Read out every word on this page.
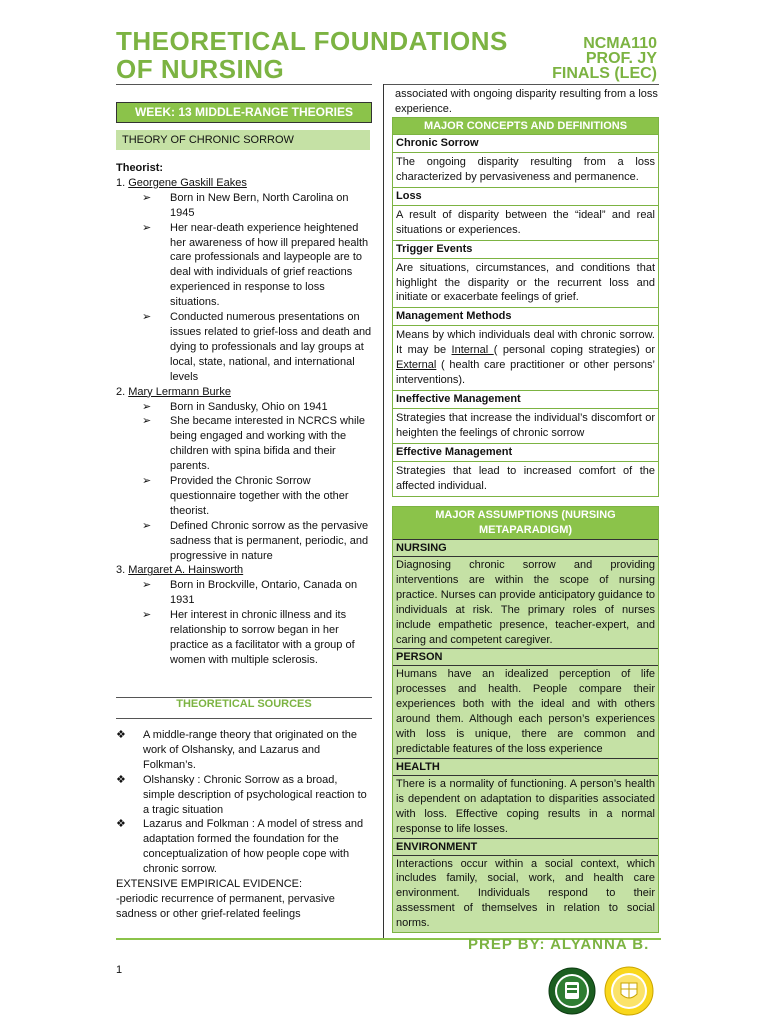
THEORETICAL FOUNDATIONS
OF NURSING
NCMA110
PROF. JY
FINALS (LEC)
WEEK: 13 MIDDLE-RANGE THEORIES
THEORY OF CHRONIC SORROW
Theorist:
1. Georgene Gaskill Eakes
➢ Born in New Bern, North Carolina on 1945
➢ Her near-death experience heightened her awareness of how ill prepared health care professionals and laypeople are to deal with individuals of grief reactions experienced in response to loss situations.
➢ Conducted numerous presentations on issues related to grief-loss and death and dying to professionals and lay groups at local, state, national, and international levels
2. Mary Lermann Burke
➢ Born in Sandusky, Ohio on 1941
➢ She became interested in NCRCS while being engaged and working with the children with spina bifida and their parents.
➢ Provided the Chronic Sorrow questionnaire together with the other theorist.
➢ Defined Chronic sorrow as the pervasive sadness that is permanent, periodic, and progressive in nature
3. Margaret A. Hainsworth
➢ Born in Brockville, Ontario, Canada on 1931
➢ Her interest in chronic illness and its relationship to sorrow began in her practice as a facilitator with a group of women with multiple sclerosis.
THEORETICAL SOURCES
❖ A middle-range theory that originated on the work of Olshansky, and Lazarus and Folkman’s.
❖ Olshansky : Chronic Sorrow as a broad, simple description of psychological reaction to a tragic situation
❖ Lazarus and Folkman : A model of stress and adaptation formed the foundation for the conceptualization of how people cope with chronic sorrow.
EXTENSIVE EMPIRICAL EVIDENCE:
-periodic recurrence of permanent, pervasive sadness or other grief-related feelings
associated with ongoing disparity resulting from a loss experience.
MAJOR CONCEPTS AND DEFINITIONS
Chronic Sorrow
The ongoing disparity resulting from a loss characterized by pervasiveness and permanence.
Loss
A result of disparity between the “ideal” and real situations or experiences.
Trigger Events
Are situations, circumstances, and conditions that highlight the disparity or the recurrent loss and initiate or exacerbate feelings of grief.
Management Methods
Means by which individuals deal with chronic sorrow. It may be Internal ( personal coping strategies) or External ( health care practitioner or other persons’ interventions).
Ineffective Management
Strategies that increase the individual’s discomfort or heighten the feelings of chronic sorrow
Effective Management
Strategies that lead to increased comfort of the affected individual.
MAJOR ASSUMPTIONS (NURSING METAPARADIGM)
NURSING
Diagnosing chronic sorrow and providing interventions are within the scope of nursing practice. Nurses can provide anticipatory guidance to individuals at risk. The primary roles of nurses include empathetic presence, teacher-expert, and caring and competent caregiver.
PERSON
Humans have an idealized perception of life processes and health. People compare their experiences both with the ideal and with others around them. Although each person’s experiences with loss is unique, there are common and predictable features of the loss experience
HEALTH
There is a normality of functioning. A person’s health is dependent on adaptation to disparities associated with loss. Effective coping results in a normal response to life losses.
ENVIRONMENT
Interactions occur within a social context, which includes family, social, work, and health care environment. Individuals respond to their assessment of themselves in relation to social norms.
PREP BY: ALYANNA B.
1
